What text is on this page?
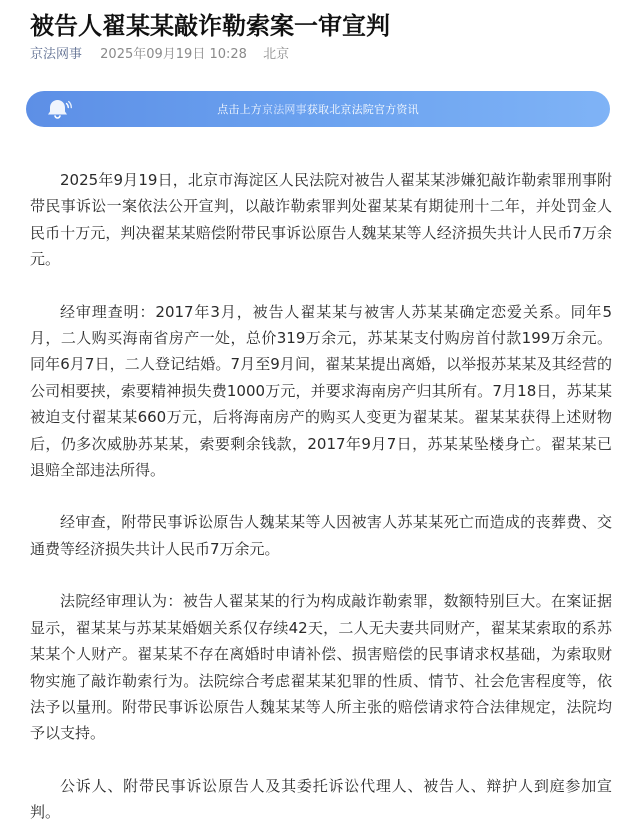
被告人翟某某敲诈勒索案一审宣判
京法网事 2025年09月19日 10:28 北京
点击上方京法网事获取北京法院官方资讯

2025年9月19日，北京市海淀区人民法院对被告人翟某某涉嫌犯敲诈勒索罪刑事附带民事诉讼一案依法公开宣判，以敲诈勒索罪判处翟某某有期徒刑十二年，并处罚金人民币十万元，判决翟某某赔偿附带民事诉讼原告人魏某某等人经济损失共计人民币7万余元。

经审理查明：2017年3月，被告人翟某某与被害人苏某某确定恋爱关系。同年5月，二人购买海南省房产一处，总价319万余元，苏某某支付购房首付款199万余元。同年6月7日，二人登记结婚。7月至9月间，翟某某提出离婚，以举报苏某某及其经营的公司相要挟，索要精神损失费1000万元，并要求海南房产归其所有。7月18日，苏某某被迫支付翟某某660万元，后将海南房产的购买人变更为翟某某。翟某某获得上述财物后，仍多次威胁苏某某，索要剩余钱款，2017年9月7日，苏某某坠楼身亡。翟某某已退赔全部违法所得。

经审查，附带民事诉讼原告人魏某某等人因被害人苏某某死亡而造成的丧葬费、交通费等经济损失共计人民币7万余元。

法院经审理认为：被告人翟某某的行为构成敲诈勒索罪，数额特别巨大。在案证据显示，翟某某与苏某某婚姻关系仅存续42天，二人无夫妻共同财产，翟某某索取的系苏某某个人财产。翟某某不存在离婚时申请补偿、损害赔偿的民事请求权基础，为索取财物实施了敲诈勒索行为。法院综合考虑翟某某犯罪的性质、情节、社会危害程度等，依法予以量刑。附带民事诉讼原告人魏某某等人所主张的赔偿请求符合法律规定，法院均予以支持。

公诉人、附带民事诉讼原告人及其委托诉讼代理人、被告人、辩护人到庭参加宣判。
